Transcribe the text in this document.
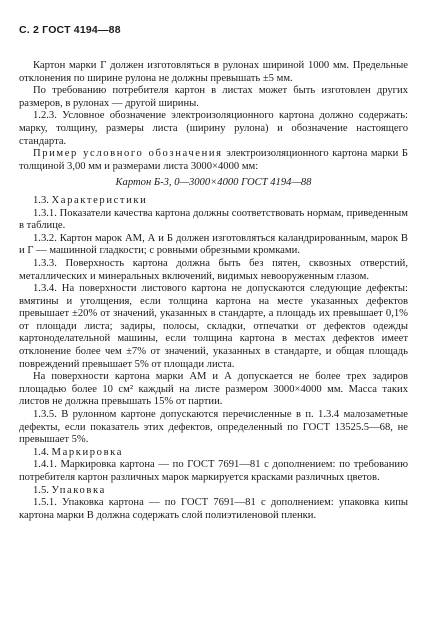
С. 2 ГОСТ 4194—88

Картон марки Г должен изготовляться в рулонах шириной 1000 мм. Предельные отклонения по ширине рулона не должны превышать ±5 мм.

По требованию потребителя картон в листах может быть изготовлен других размеров, в рулонах — другой ширины.

1.2.3. Условное обозначение электроизоляционного картона должно содержать: марку, толщину, размеры листа (ширину рулона) и обозначение настоящего стандарта.

Пример условного обозначения электроизоляционного картона марки Б толщиной 3,00 мм и размерами листа 3000×4000 мм:

Картон Б-3, 0—3000×4000 ГОСТ 4194—88

1.3. Характеристики

1.3.1. Показатели качества картона должны соответствовать нормам, приведенным в таблице.

1.3.2. Картон марок АМ, А и Б должен изготовляться каландрированным, марок В и Г — машинной гладкости; с ровными обрезными кромками.

1.3.3. Поверхность картона должна быть без пятен, сквозных отверстий, металлических и минеральных включений, видимых невооруженным глазом.

1.3.4. На поверхности листового картона не допускаются следующие дефекты: вмятины и утолщения, если толщина картона на месте указанных дефектов превышает ±20% от значений, указанных в стандарте, а площадь их превышает 0,1% от площади листа; задиры, полосы, складки, отпечатки от дефектов одежды картоноделательной машины, если толщина картона в местах дефектов имеет отклонение более чем ±7% от значений, указанных в стандарте, и общая площадь повреждений превышает 5% от площади листа.

На поверхности картона марки АМ и А допускается не более трех задиров площадью более 10 см² каждый на листе размером 3000×4000 мм. Масса таких листов не должна превышать 15% от партии.

1.3.5. В рулонном картоне допускаются перечисленные в п. 1.3.4 малозаметные дефекты, если показатель этих дефектов, определенный по ГОСТ 13525.5—68, не превышает 5%.

1.4. Маркировка

1.4.1. Маркировка картона — по ГОСТ 7691—81 с дополнением: по требованию потребителя картон различных марок маркируется красками различных цветов.

1.5. Упаковка

1.5.1. Упаковка картона — по ГОСТ 7691—81 с дополнением: упаковка кипы картона марки В должна содержать слой полиэтиленовой пленки.
